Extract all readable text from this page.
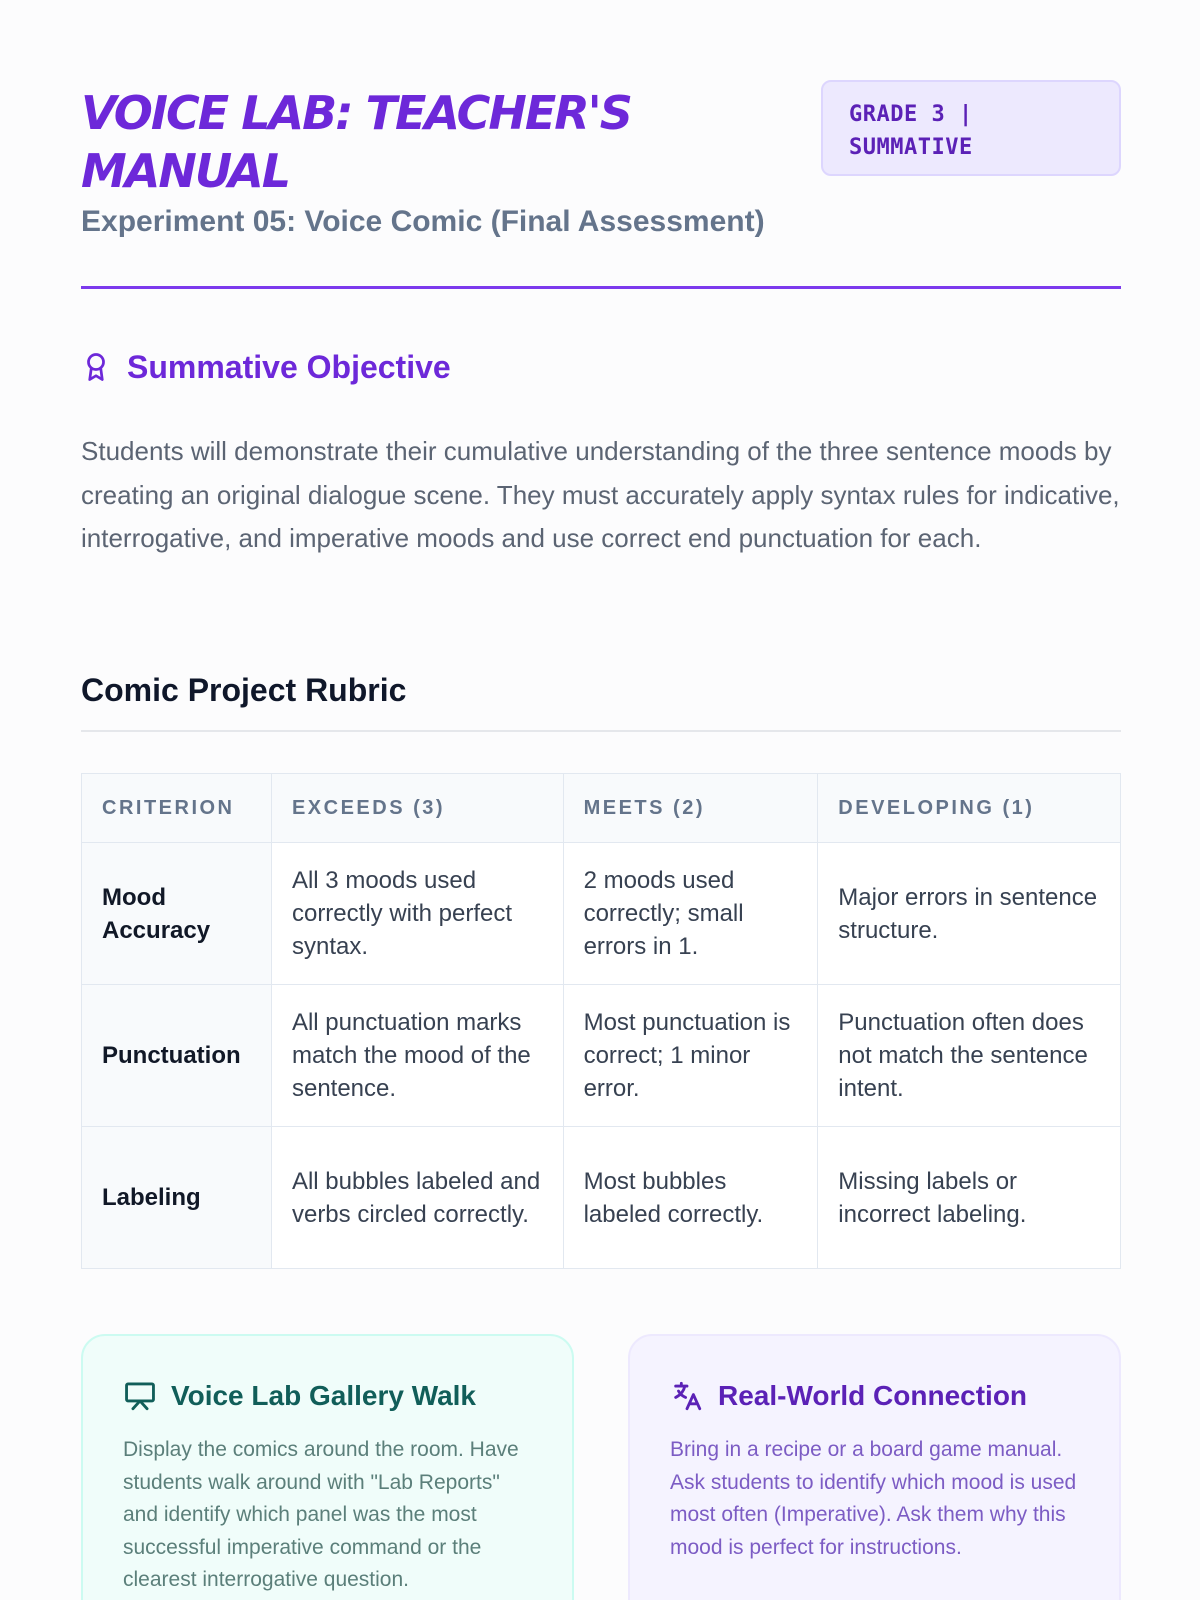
VOICE LAB: TEACHER'S MANUAL
Experiment 05: Voice Comic (Final Assessment)
GRADE 3 | SUMMATIVE
Summative Objective

Students will demonstrate their cumulative understanding of the three sentence moods by creating an original dialogue scene. They must accurately apply syntax rules for indicative, interrogative, and imperative moods and use correct end punctuation for each.

Comic Project Rubric
CRITERION	EXCEEDS (3)	MEETS (2)	DEVELOPING (1)
Mood Accuracy	All 3 moods used correctly with perfect syntax.	2 moods used correctly; small errors in 1.	Major errors in sentence structure.
Punctuation	All punctuation marks match the mood of the sentence.	Most punctuation is correct; 1 minor error.	Punctuation often does not match the sentence intent.
Labeling	All bubbles labeled and verbs circled correctly.	Most bubbles labeled correctly.	Missing labels or incorrect labeling.
Voice Lab Gallery Walk

Display the comics around the room. Have students walk around with "Lab Reports" and identify which panel was the most successful imperative command or the clearest interrogative question.

Real-World Connection

Bring in a recipe or a board game manual. Ask students to identify which mood is used most often (Imperative). Ask them why this mood is perfect for instructions.
